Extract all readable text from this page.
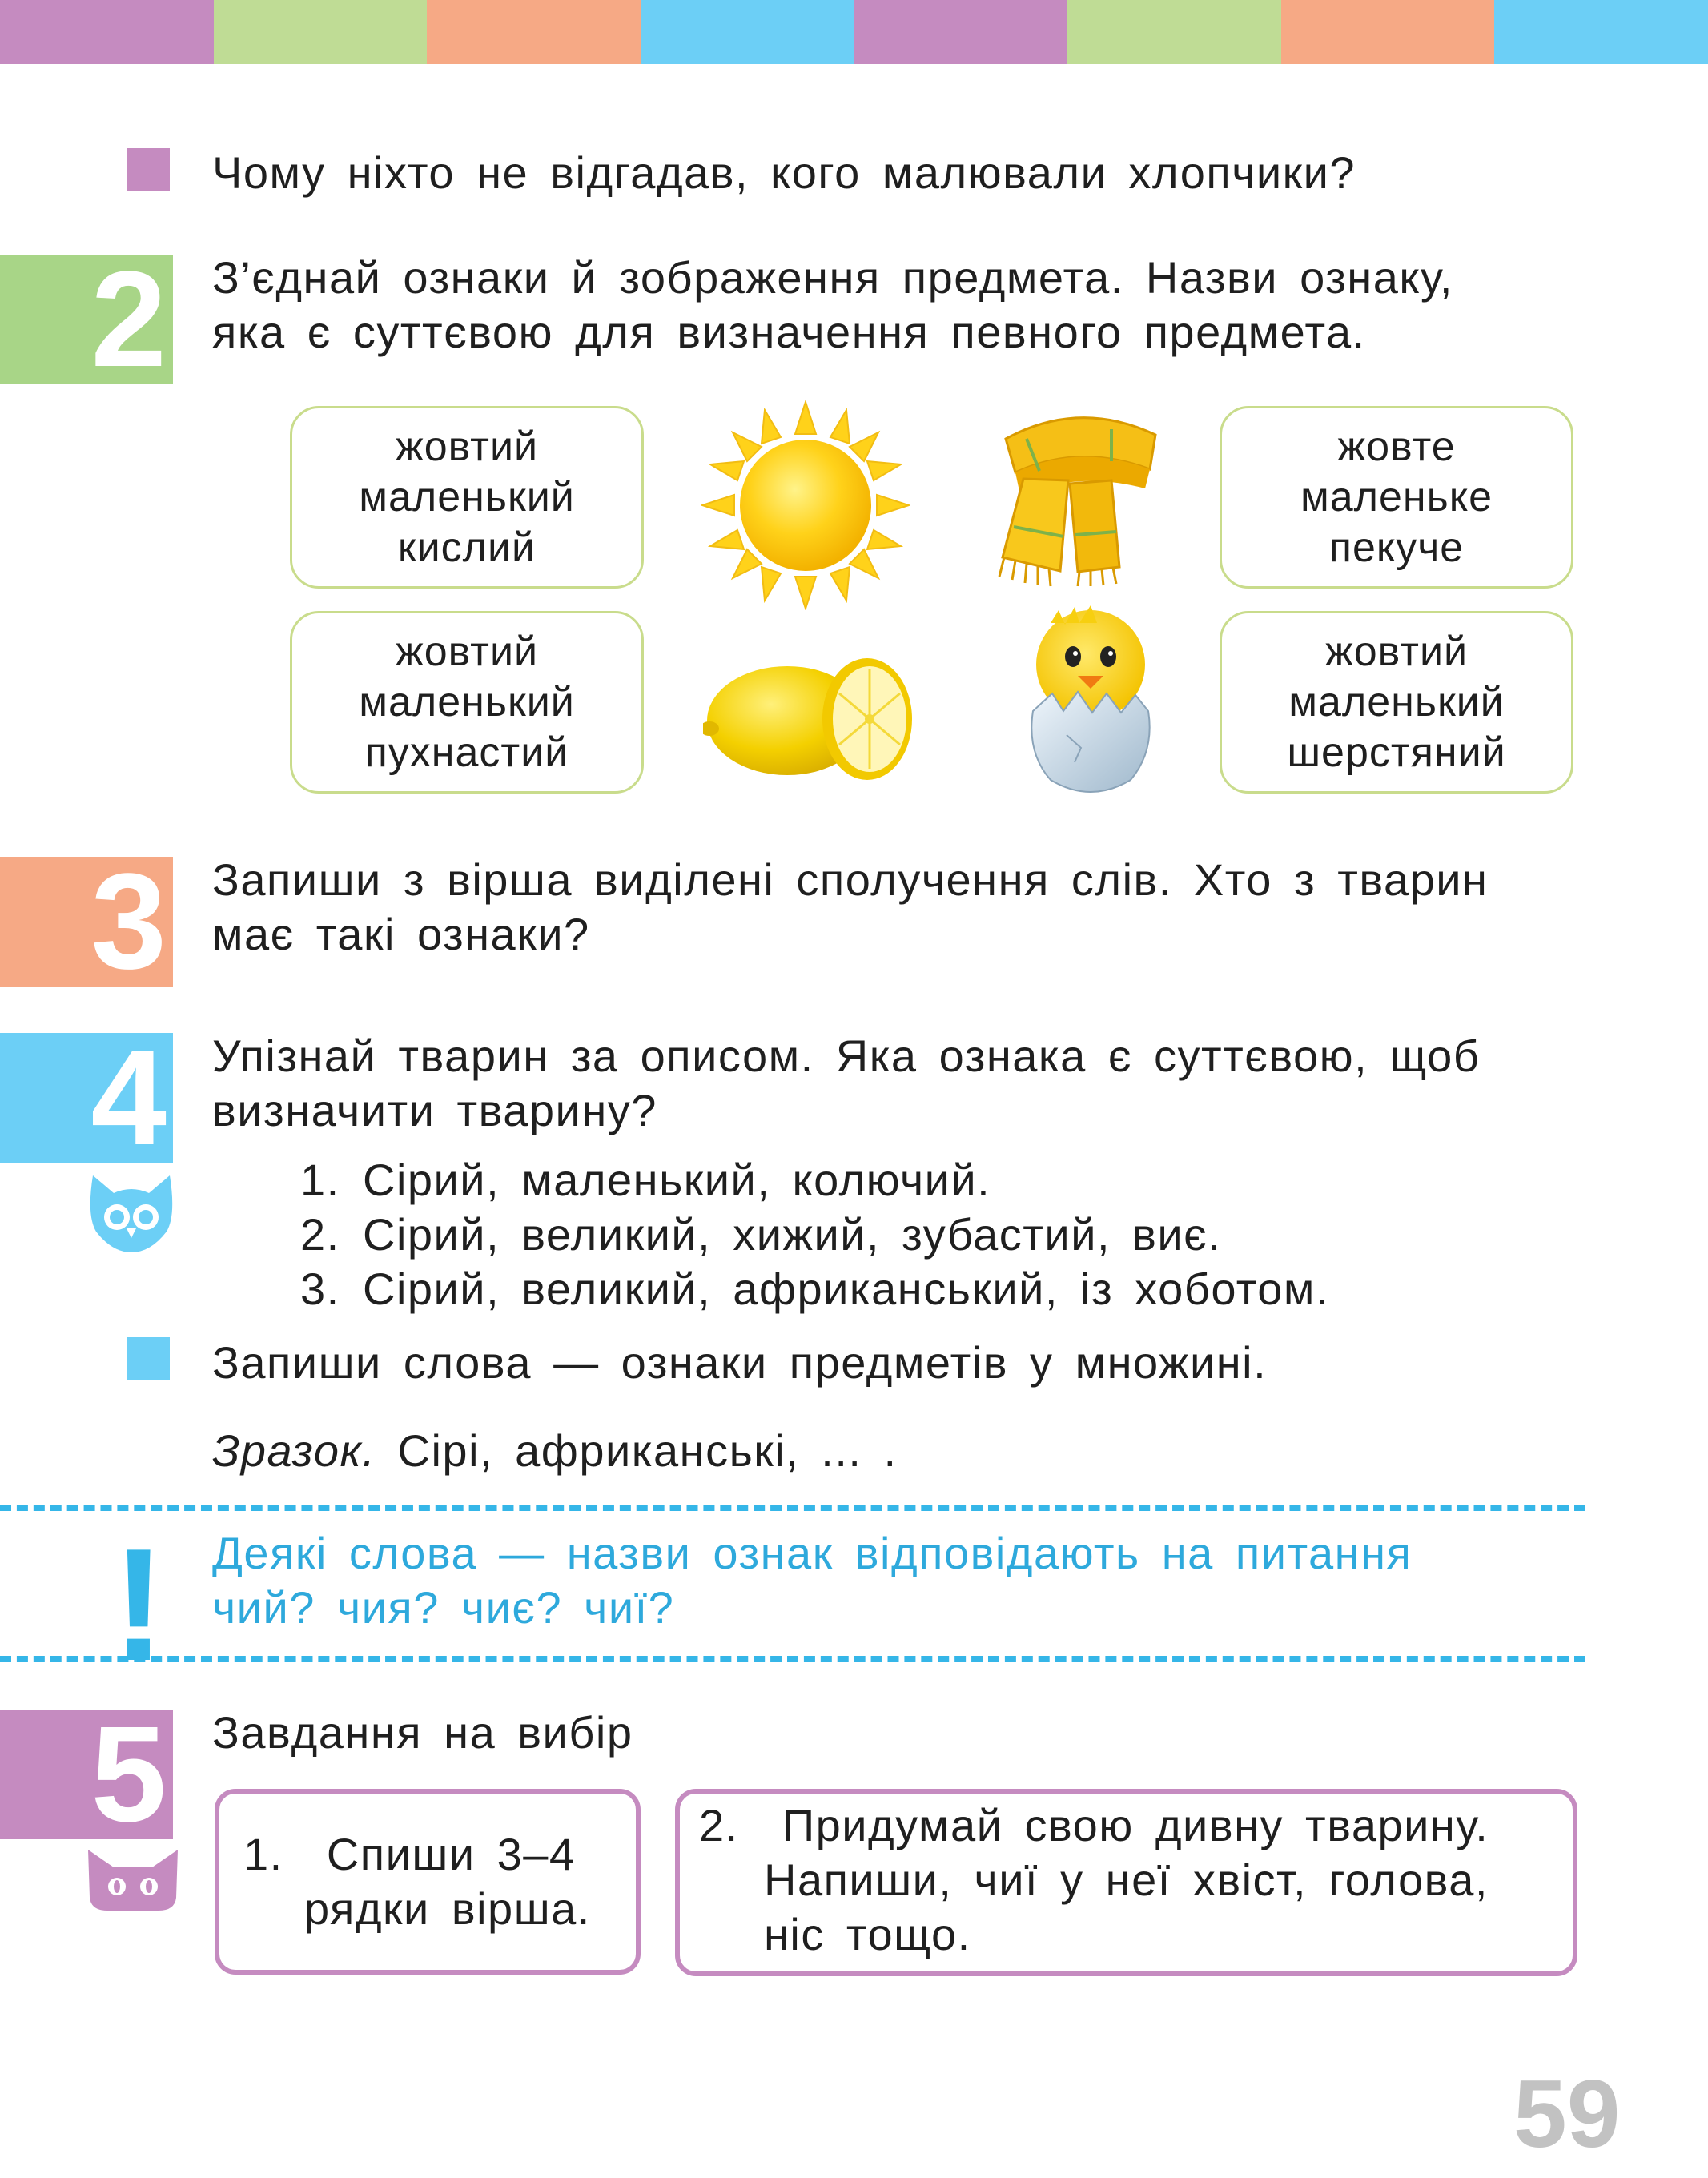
Чому ніхто не відгадав, кого малювали хлопчики?

2 З’єднай ознаки й зображення предмета. Назви ознаку,

яка є суттєвою для визначення певного предмета.

жовтий
маленький
кислий
жовте
маленьке
пекуче
жовтий
маленький
пухнастий
жовтий
маленький
шерстяний
3 Запиши з вірша виділені сполучення слів. Хто з тварин

має такі ознаки?

4 Упізнай тварин за описом. Яка ознака є суттєвою, щоб

визначити тварину?

1. Сірий, маленький, колючий.
2. Сірий, великий, хижий, зубастий, виє.
3. Сірий, великий, африканський, із хоботом.

Запиши слова — ознаки предметів у множині.

Зразок. Сірі, африканські, ... .

! Деякі слова — назви ознак відповідають на питання

чий? чия? чиє? чиї?

5 Завдання на вибір

1. Спиши 3–4
рядки вірша.
2. Придумай свою дивну тварину.
Напиши, чиї у неї хвіст, голова,
ніс тощо.
59
